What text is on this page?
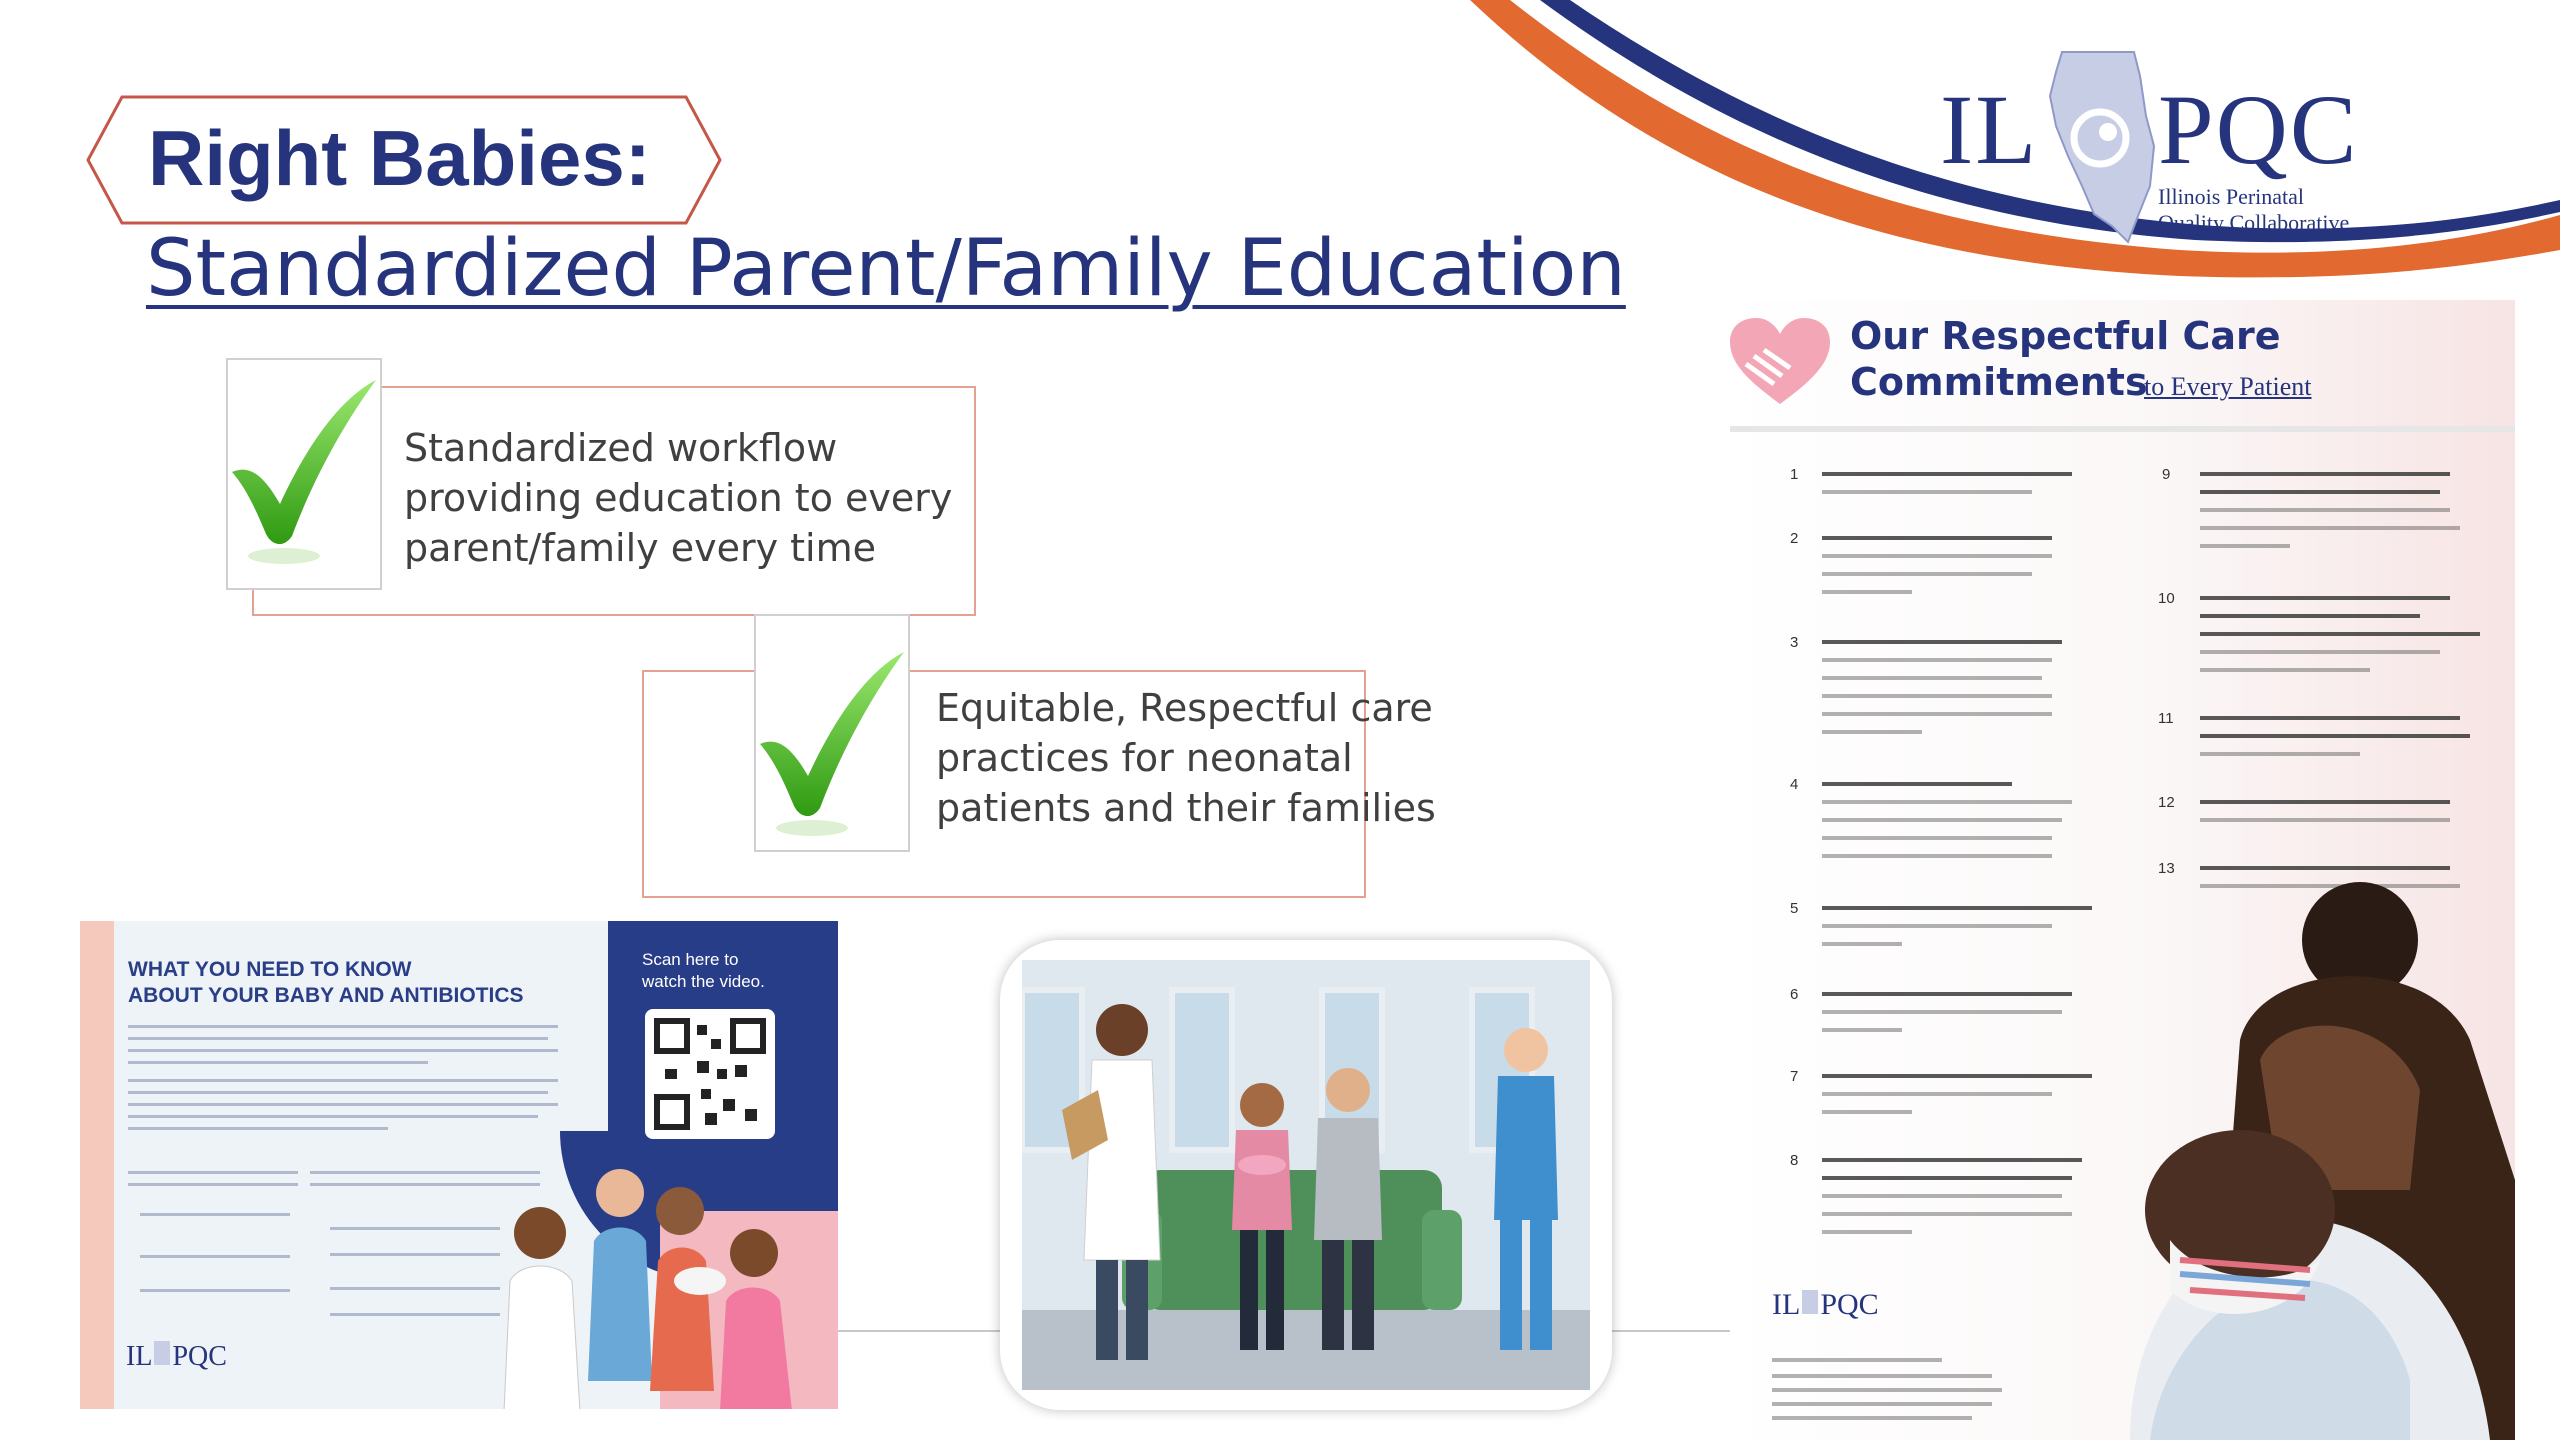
IL PQC
Illinois Perinatal
Quality Collaborative
Right Babies:
Standardized Parent/Family Education
Standardized workflow
providing education to every
parent/family every time
Equitable, Respectful care
practices for neonatal
patients and their families
Scan here to
watch the video.
WHAT YOU NEED TO KNOW
ABOUT YOUR BABY AND ANTIBIOTICS
IL PQC
Our Respectful Care
Commitments
to Every Patient
1
2
3
4
5
6
7
8
9
10
11
12
13
IL PQC
